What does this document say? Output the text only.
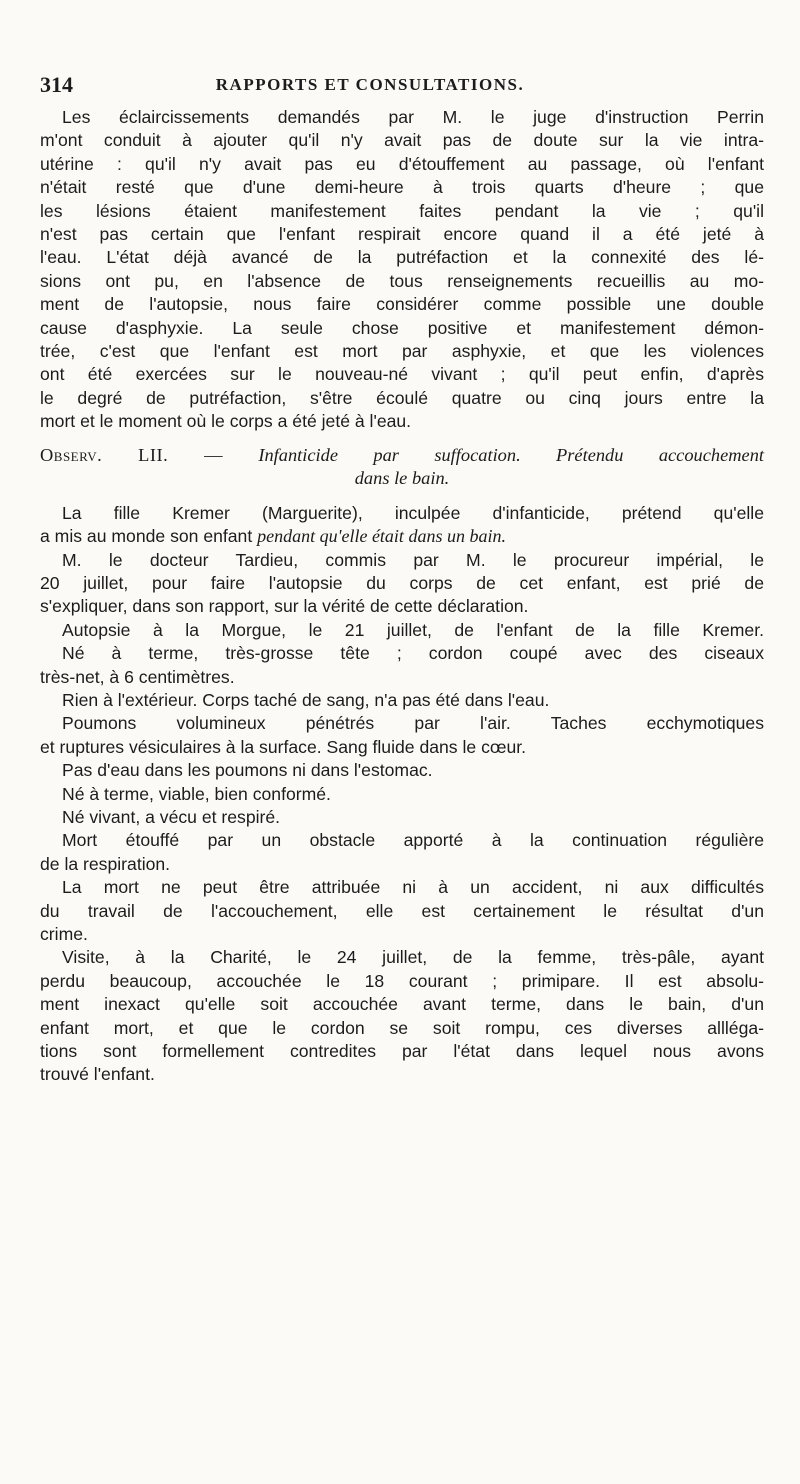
314	RAPPORTS ET CONSULTATIONS.
Les éclaircissements demandés par M. le juge d'instruction Perrin
m'ont conduit à ajouter qu'il n'y avait pas de doute sur la vie intra-
utérine : qu'il n'y avait pas eu d'étouffement au passage, où l'enfant
n'était resté que d'une demi-heure à trois quarts d'heure ; que
les lésions étaient manifestement faites pendant la vie ; qu'il
n'est pas certain que l'enfant respirait encore quand il a été jeté à
l'eau. L'état déjà avancé de la putréfaction et la connexité des lé-
sions ont pu, en l'absence de tous renseignements recueillis au mo-
ment de l'autopsie, nous faire considérer comme possible une double
cause d'asphyxie. La seule chose positive et manifestement démon-
trée, c'est que l'enfant est mort par asphyxie, et que les violences
ont été exercées sur le nouveau-né vivant ; qu'il peut enfin, d'après
le degré de putréfaction, s'être écoulé quatre ou cinq jours entre la
mort et le moment où le corps a été jeté à l'eau.
Observ. LII. — Infanticide par suffocation. Prétendu accouchement
dans le bain.
La fille Kremer (Marguerite), inculpée d'infanticide, prétend qu'elle
a mis au monde son enfant pendant qu'elle était dans un bain.
M. le docteur Tardieu, commis par M. le procureur impérial, le
20 juillet, pour faire l'autopsie du corps de cet enfant, est prié de
s'expliquer, dans son rapport, sur la vérité de cette déclaration.
Autopsie à la Morgue, le 21 juillet, de l'enfant de la fille Kremer.
Né à terme, très-grosse tête ; cordon coupé avec des ciseaux
très-net, à 6 centimètres.
Rien à l'extérieur. Corps taché de sang, n'a pas été dans l'eau.
Poumons volumineux pénétrés par l'air. Taches ecchymotiques
et ruptures vésiculaires à la surface. Sang fluide dans le cœur.
Pas d'eau dans les poumons ni dans l'estomac.
Né à terme, viable, bien conformé.
Né vivant, a vécu et respiré.
Mort étouffé par un obstacle apporté à la continuation régulière
de la respiration.
La mort ne peut être attribuée ni à un accident, ni aux difficultés
du travail de l'accouchement, elle est certainement le résultat d'un
crime.
Visite, à la Charité, le 24 juillet, de la femme, très-pâle, ayant
perdu beaucoup, accouchée le 18 courant ; primipare. Il est absolu-
ment inexact qu'elle soit accouchée avant terme, dans le bain, d'un
enfant mort, et que le cordon se soit rompu, ces diverses allléga-
tions sont formellement contredites par l'état dans lequel nous avons
trouvé l'enfant.
